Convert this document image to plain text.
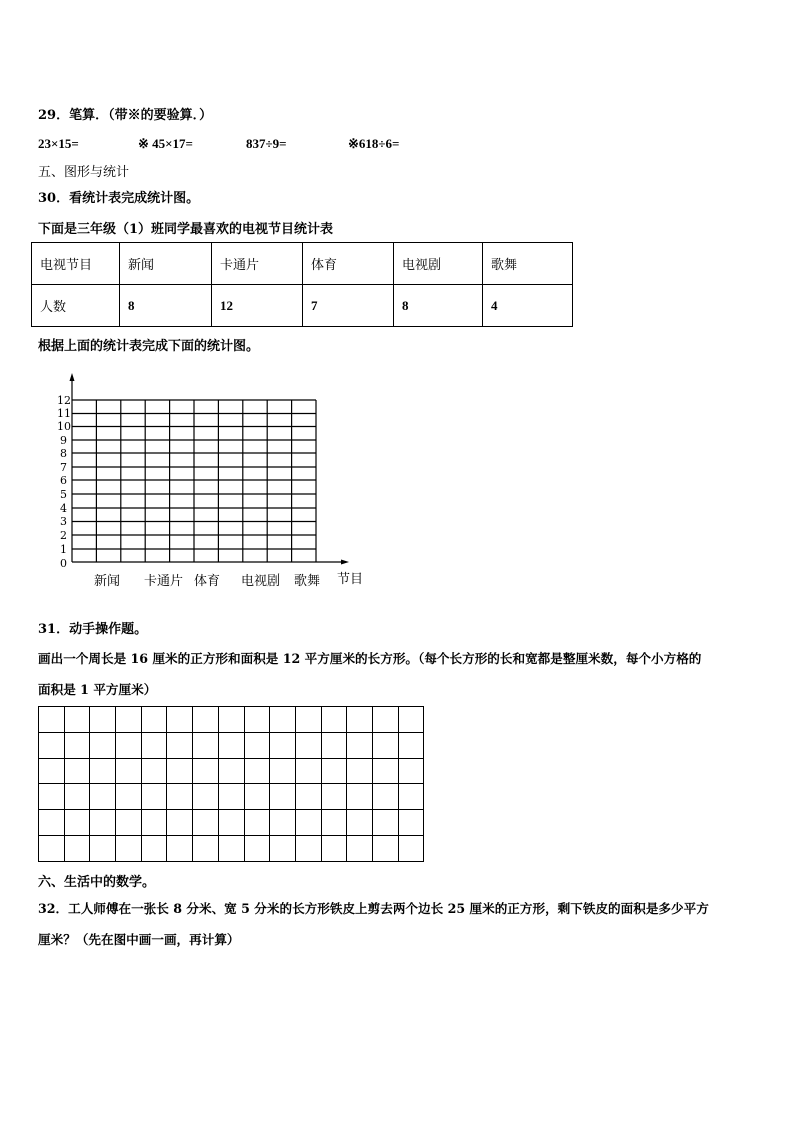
29．笔算．（带※的要验算．）
23×15=	※ 45×17=	837÷9=	※618÷6=
五、图形与统计
30．看统计表完成统计图。
下面是三年级（1）班同学最喜欢的电视节目统计表
电视节目	新闻	卡通片	体育	电视剧	歌舞
人数	8	12	7	8	4
根据上面的统计表完成下面的统计图。
12
11
10
9
8
7
6
5
4
3
2
1
0
新闻 卡通片 体育 电视剧 歌舞 节目
31．动手操作题。
画出一个周长是 16 厘米的正方形和面积是 12 平方厘米的长方形。（每个长方形的长和宽都是整厘米数，每个小方格的
面积是 1 平方厘米）

六、生活中的数学。
32．工人师傅在一张长 8 分米、宽 5 分米的长方形铁皮上剪去两个边长 25 厘米的正方形，剩下铁皮的面积是多少平方
厘米？（先在图中画一画，再计算）
